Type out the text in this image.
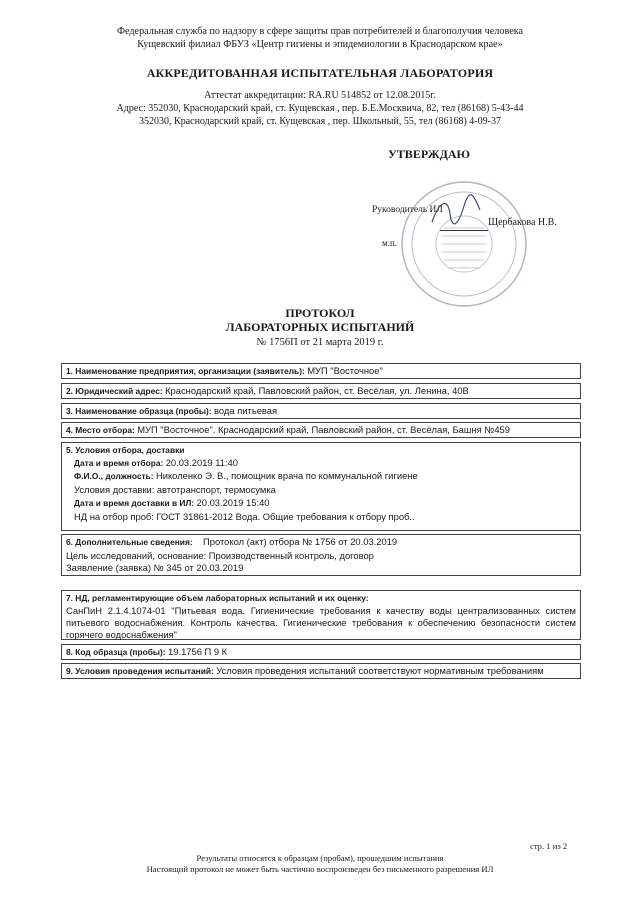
Федеральная служба по надзору в сфере защиты прав потребителей и благополучия человека
Кущевский филиал ФБУЗ «Центр гигиены и эпидемиологии в Краснодарском крае»
АККРЕДИТОВАННАЯ ИСПЫТАТЕЛЬНАЯ ЛАБОРАТОРИЯ
Аттестат аккредитации: RA.RU 514852 от 12.08.2015г.
Адрес: 352030, Краснодарский край, ст. Кущевская , пер. Б.Е.Москвича, 82, тел (86168) 5-43-44
352030, Краснодарский край, ст. Кущевская , пер. Школьный, 55, тел (86168) 4-09-37
УТВЕРЖДАЮ
Руководитель ИЛ
Щербакова Н.В.
м.п.
ПРОТОКОЛ
ЛАБОРАТОРНЫХ ИСПЫТАНИЙ
№ 1756П от 21 марта 2019 г.
1. Наименование предприятия, организации (заявитель): МУП "Восточное"
2. Юридический адрес: Краснодарский край, Павловский район, ст. Весёлая, ул. Ленина, 40В
3. Наименование образца (пробы): вода питьевая
4. Место отбора: МУП "Восточное". Краснодарский край, Павловский район, ст. Весёлая, Башня №459
5. Условия отбора, доставки
Дата и время отбора: 20.03.2019 11:40
Ф.И.О., должность: Николенко Э. В., помощник врача по коммунальной гигиене
Условия доставки: автотранспорт, термосумка
Дата и время доставки в ИЛ: 20.03.2019 15:40
НД на отбор проб: ГОСТ 31861-2012 Вода. Общие требования к отбору проб..
6. Дополнительные сведения: Протокол (акт) отбора № 1756 от 20.03.2019
Цель исследований, основание: Производственный контроль, договор
Заявление (заявка) № 345 от 20.03.2019
7. НД, регламентирующие объем лабораторных испытаний и их оценку:
СанПиН 2.1.4.1074-01 "Питьевая вода. Гигиенические требования к качеству воды централизованных систем питьевого водоснабжения. Контроль качества. Гигиенические требования к обеспечению безопасности систем горячего водоснабжения"
8. Код образца (пробы): 19.1756 П 9 К
9. Условия проведения испытаний: Условия проведения испытаний соответствуют нормативным требованиям
стр. 1 из 2
Результаты относятся к образцам (пробам), прошедшим испытания
Настоящий протокол не может быть частично воспроизведен без письменного разрешения ИЛ
